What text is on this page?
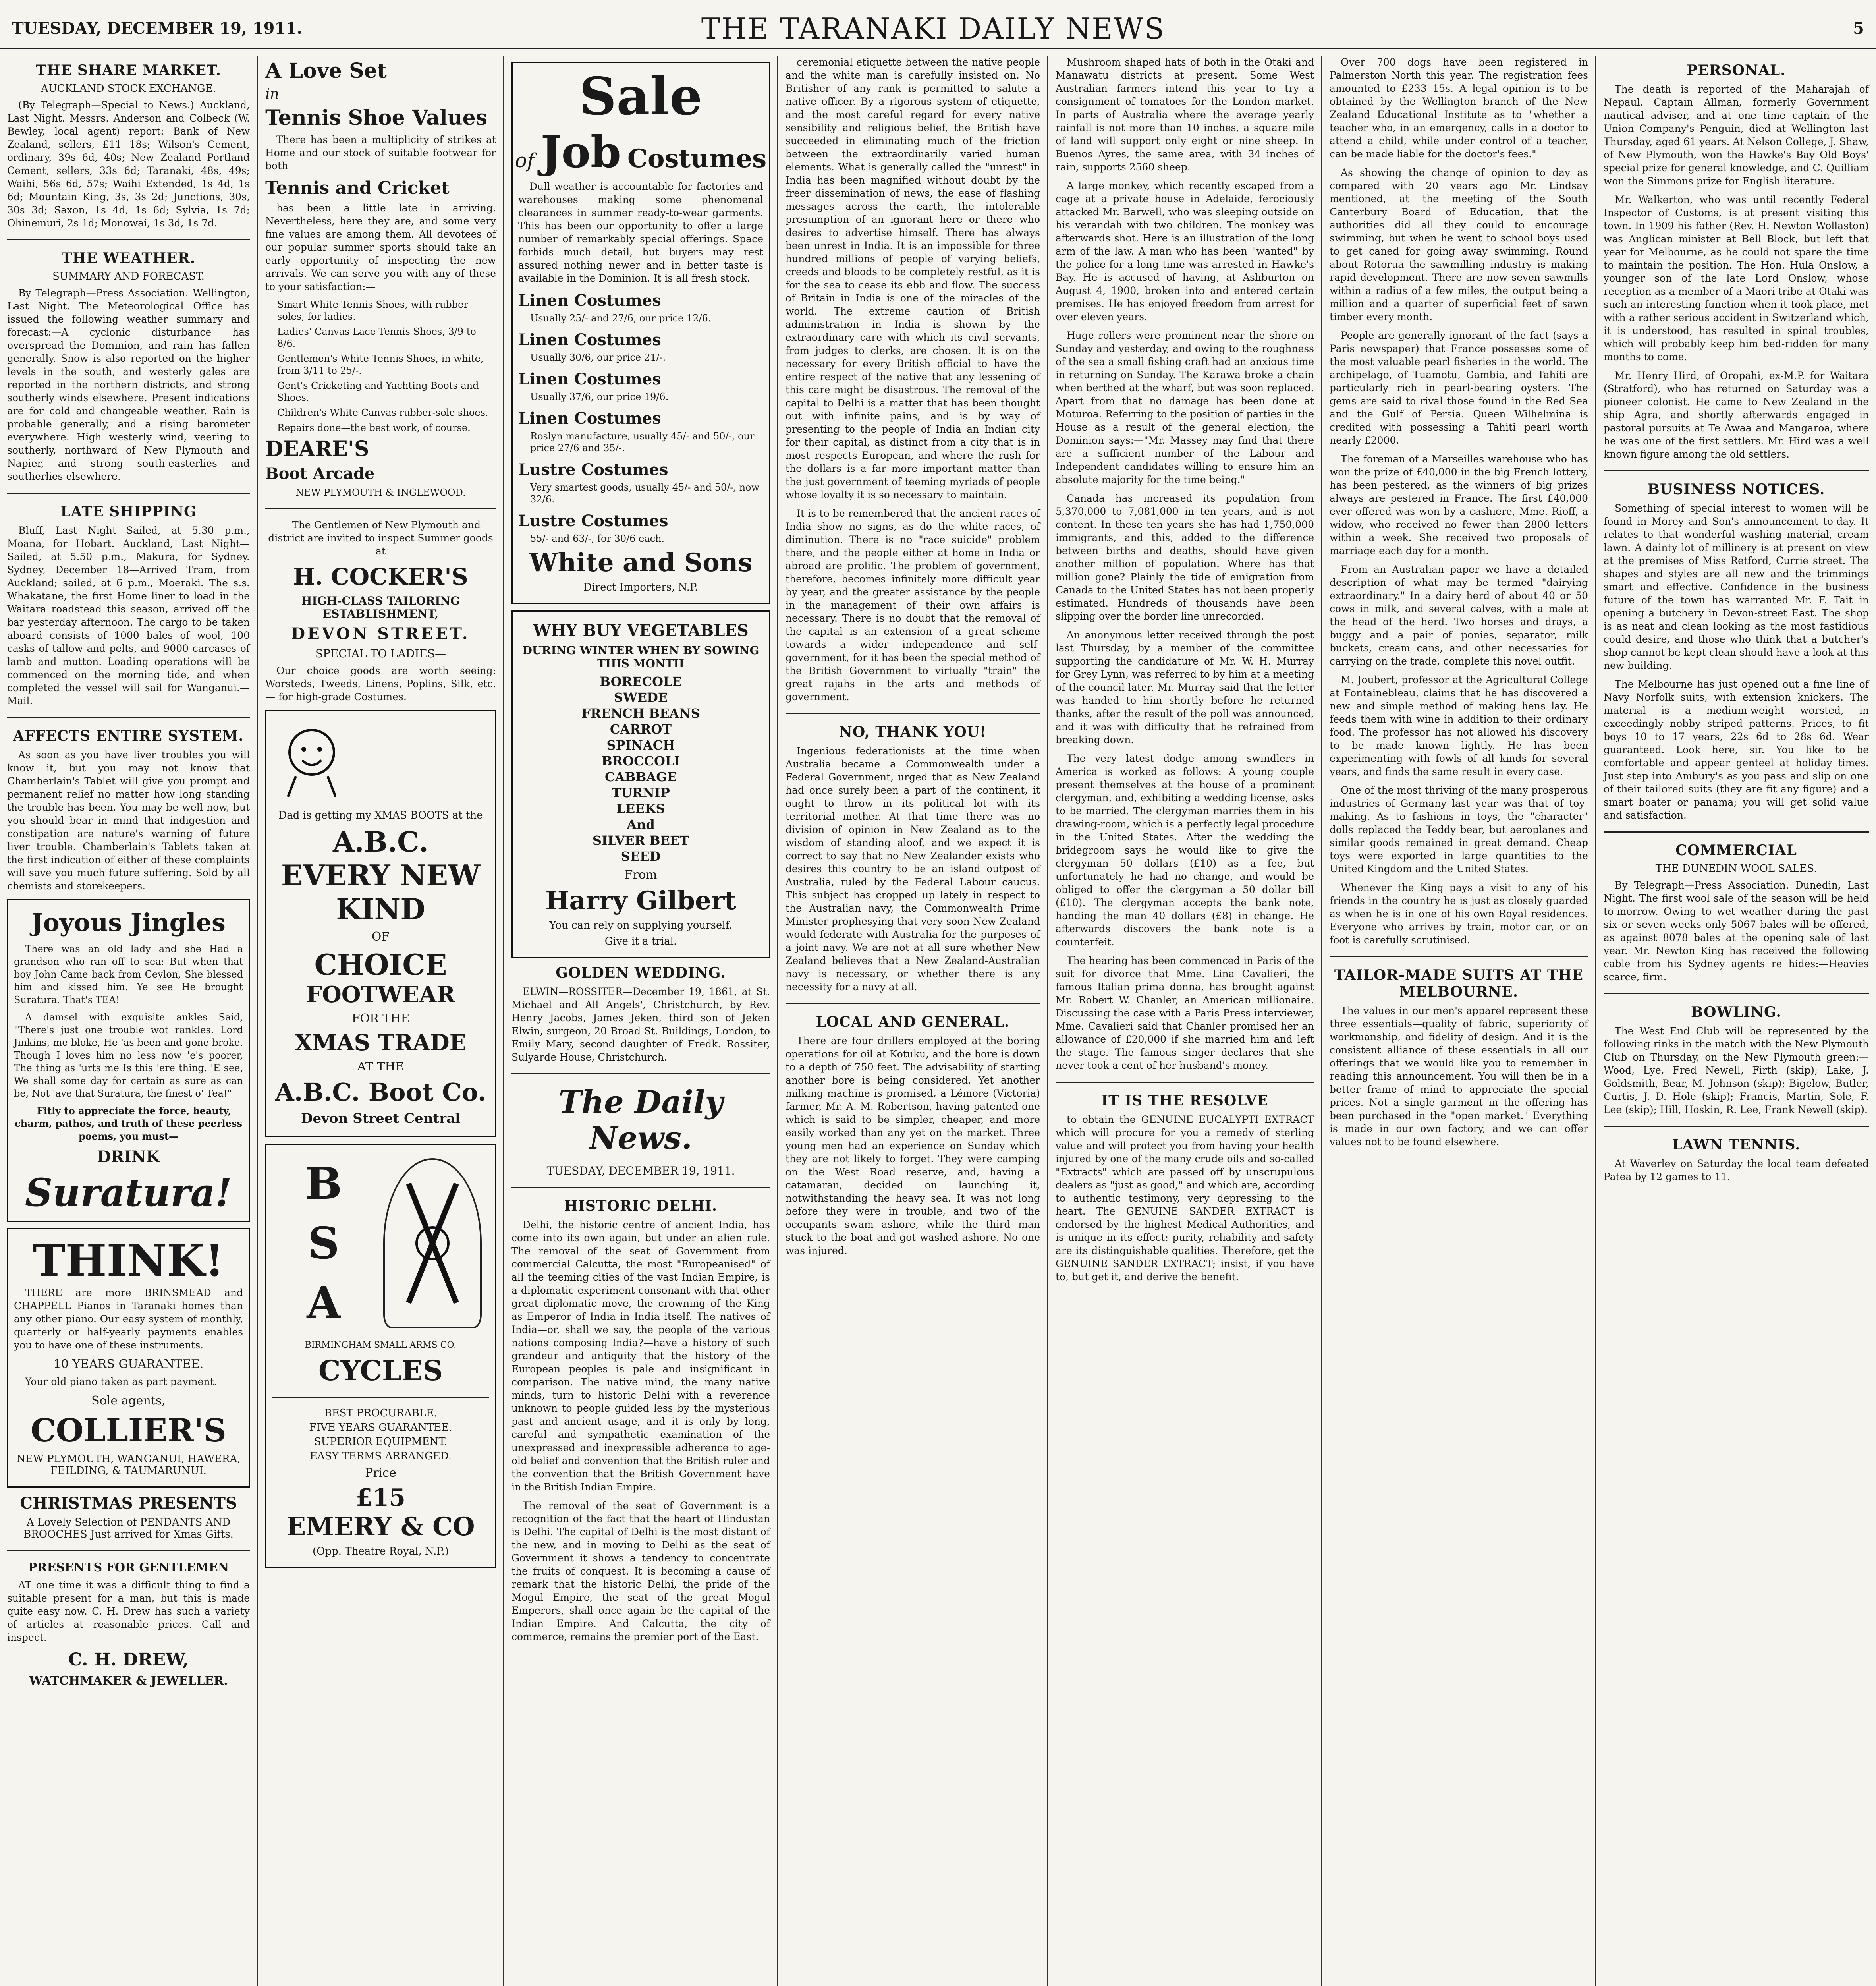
TUESDAY, DECEMBER 19, 1911.	THE TARANAKI DAILY NEWS	5
THE SHARE MARKET.
AUCKLAND STOCK EXCHANGE.

(By Telegraph—Special to News.) Auckland, Last Night. Messrs. Anderson and Colbeck (W. Bewley, local agent) report: Bank of New Zealand, sellers, £11 18s; Wilson's Cement, ordinary, 39s 6d, 40s; New Zealand Portland Cement, sellers, 33s 6d; Taranaki, 48s, 49s; Waihi, 56s 6d, 57s; Waihi Extended, 1s 4d, 1s 6d; Mountain King, 3s, 3s 2d; Junctions, 30s, 30s 3d; Saxon, 1s 4d, 1s 6d; Sylvia, 1s 7d; Ohinemuri, 2s 1d; Monowai, 1s 3d, 1s 7d.

THE WEATHER.
SUMMARY AND FORECAST.

By Telegraph—Press Association. Wellington, Last Night. The Meteorological Office has issued the following weather summary and forecast:—A cyclonic disturbance has overspread the Dominion, and rain has fallen generally. Snow is also reported on the higher levels in the south, and westerly gales are reported in the northern districts, and strong southerly winds elsewhere. Present indications are for cold and changeable weather. Rain is probable generally, and a rising barometer everywhere. High westerly wind, veering to southerly, northward of New Plymouth and Napier, and strong south-easterlies and southerlies elsewhere.

LATE SHIPPING

Bluff, Last Night—Sailed, at 5.30 p.m., Moana, for Hobart. Auckland, Last Night—Sailed, at 5.50 p.m., Makura, for Sydney. Sydney, December 18—Arrived Tram, from Auckland; sailed, at 6 p.m., Moeraki. The s.s. Whakatane, the first Home liner to load in the Waitara roadstead this season, arrived off the bar yesterday afternoon. The cargo to be taken aboard consists of 1000 bales of wool, 100 casks of tallow and pelts, and 9000 carcases of lamb and mutton. Loading operations will be commenced on the morning tide, and when completed the vessel will sail for Wanganui.—Mail.

AFFECTS ENTIRE SYSTEM.

As soon as you have liver troubles you will know it, but you may not know that Chamberlain's Tablet will give you prompt and permanent relief no matter how long standing the trouble has been. You may be well now, but you should bear in mind that indigestion and constipation are nature's warning of future liver trouble. Chamberlain's Tablets taken at the first indication of either of these complaints will save you much future suffering. Sold by all chemists and storekeepers.

Joyous Jingles

There was an old lady and she Had a grandson who ran off to sea: But when that boy John Came back from Ceylon, She blessed him and kissed him. Ye see He brought Suratura. That's TEA!

A damsel with exquisite ankles Said, "There's just one trouble wot rankles. Lord Jinkins, me bloke, He 'as been and gone broke. Though I loves him no less now 'e's poorer, The thing as 'urts me Is this 'ere thing. 'E see, We shall some day for certain as sure as can be, Not 'ave that Suratura, the finest o' Tea!"

Fitly to appreciate the force, beauty, charm, pathos, and truth of these peerless poems, you must—

DRINK
Suratura!
THINK!

THERE are more BRINSMEAD and CHAPPELL Pianos in Taranaki homes than any other piano. Our easy system of monthly, quarterly or half-yearly payments enables you to have one of these instruments.

10 YEARS GUARANTEE.

Your old piano taken as part payment.

Sole agents,
COLLIER'S
NEW PLYMOUTH, WANGANUI, HAWERA, FEILDING, & TAUMARUNUI.
CHRISTMAS PRESENTS
A Lovely Selection of PENDANTS AND BROOCHES Just arrived for Xmas Gifts.
PRESENTS FOR GENTLEMEN

AT one time it was a difficult thing to find a suitable present for a man, but this is made quite easy now. C. H. Drew has such a variety of articles at reasonable prices. Call and inspect.

C. H. DREW,
WATCHMAKER & JEWELLER.
A Love Set
in
Tennis Shoe Values

There has been a multiplicity of strikes at Home and our stock of suitable footwear for both

Tennis and Cricket

has been a little late in arriving. Nevertheless, here they are, and some very fine values are among them. All devotees of our popular summer sports should take an early opportunity of inspecting the new arrivals. We can serve you with any of these to your satisfaction:—

Smart White Tennis Shoes, with rubber soles, for ladies.
Ladies' Canvas Lace Tennis Shoes, 3/9 to 8/6.
Gentlemen's White Tennis Shoes, in white, from 3/11 to 25/-.
Gent's Cricketing and Yachting Boots and Shoes.
Children's White Canvas rubber-sole shoes.
Repairs done—the best work, of course.
DEARE'S
Boot Arcade
NEW PLYMOUTH & INGLEWOOD.

The Gentlemen of New Plymouth and district are invited to inspect Summer goods at

H. COCKER'S
HIGH-CLASS TAILORING ESTABLISHMENT,
DEVON STREET.
SPECIAL TO LADIES—

Our choice goods are worth seeing: Worsteds, Tweeds, Linens, Poplins, Silk, etc. — for high-grade Costumes.

Dad is getting my XMAS BOOTS at the
A.B.C.
EVERY NEW
KIND
OF
CHOICE
FOOTWEAR
FOR THE
XMAS TRADE
AT THE
A.B.C. Boot Co.
Devon Street Central
B
S
A
BIRMINGHAM SMALL ARMS CO.
CYCLES
BEST PROCURABLE.
FIVE YEARS GUARANTEE.
SUPERIOR EQUIPMENT.
EASY TERMS ARRANGED.
Price
£15
EMERY & CO
(Opp. Theatre Royal, N.P.)
Sale
of Job Costumes

Dull weather is accountable for factories and warehouses making some phenomenal clearances in summer ready-to-wear garments. This has been our opportunity to offer a large number of remarkably special offerings. Space forbids much detail, but buyers may rest assured nothing newer and in better taste is available in the Dominion. It is all fresh stock.

Linen Costumes
Usually 25/- and 27/6, our price 12/6.
Linen Costumes
Usually 30/6, our price 21/-.
Linen Costumes
Usually 37/6, our price 19/6.
Linen Costumes
Roslyn manufacture, usually 45/- and 50/-, our price 27/6 and 35/-.
Lustre Costumes
Very smartest goods, usually 45/- and 50/-, now 32/6.
Lustre Costumes
55/- and 63/-, for 30/6 each.
White and Sons
Direct Importers, N.P.
WHY BUY VEGETABLES
DURING WINTER WHEN BY SOWING THIS MONTH
BORECOLE
SWEDE
FRENCH BEANS
CARROT
SPINACH
BROCCOLI
CABBAGE
TURNIP
LEEKS
And
SILVER BEET
SEED
From
Harry Gilbert
You can rely on supplying yourself.
Give it a trial.
GOLDEN WEDDING.

ELWIN—ROSSITER—December 19, 1861, at St. Michael and All Angels', Christchurch, by Rev. Henry Jacobs, James Jeken, third son of Jeken Elwin, surgeon, 20 Broad St. Buildings, London, to Emily Mary, second daughter of Fredk. Rossiter, Sulyarde House, Christchurch.

The Daily News.
TUESDAY, DECEMBER 19, 1911.
HISTORIC DELHI.

Delhi, the historic centre of ancient India, has come into its own again, but under an alien rule. The removal of the seat of Government from commercial Calcutta, the most "Europeanised" of all the teeming cities of the vast Indian Empire, is a diplomatic experiment consonant with that other great diplomatic move, the crowning of the King as Emperor of India in India itself. The natives of India—or, shall we say, the people of the various nations composing India?—have a history of such grandeur and antiquity that the history of the European peoples is pale and insignificant in comparison. The native mind, the many native minds, turn to historic Delhi with a reverence unknown to people guided less by the mysterious past and ancient usage, and it is only by long, careful and sympathetic examination of the unexpressed and inexpressible adherence to age-old belief and convention that the British ruler and the convention that the British Government have in the British Indian Empire.

The removal of the seat of Government is a recognition of the fact that the heart of Hindustan is Delhi. The capital of Delhi is the most distant of the new, and in moving to Delhi as the seat of Government it shows a tendency to concentrate the fruits of conquest. It is becoming a cause of remark that the historic Delhi, the pride of the Mogul Empire, the seat of the great Mogul Emperors, shall once again be the capital of the Indian Empire. And Calcutta, the city of commerce, remains the premier port of the East.

ceremonial etiquette between the native people and the white man is carefully insisted on. No Britisher of any rank is permitted to salute a native officer. By a rigorous system of etiquette, and the most careful regard for every native sensibility and religious belief, the British have succeeded in eliminating much of the friction between the extraordinarily varied human elements. What is generally called the "unrest" in India has been magnified without doubt by the freer dissemination of news, the ease of flashing messages across the earth, the intolerable presumption of an ignorant here or there who desires to advertise himself. There has always been unrest in India. It is an impossible for three hundred millions of people of varying beliefs, creeds and bloods to be completely restful, as it is for the sea to cease its ebb and flow. The success of Britain in India is one of the miracles of the world. The extreme caution of British administration in India is shown by the extraordinary care with which its civil servants, from judges to clerks, are chosen. It is on the necessary for every British official to have the entire respect of the native that any lessening of this care might be disastrous. The removal of the capital to Delhi is a matter that has been thought out with infinite pains, and is by way of presenting to the people of India an Indian city for their capital, as distinct from a city that is in most respects European, and where the rush for the dollars is a far more important matter than the just government of teeming myriads of people whose loyalty it is so necessary to maintain.

It is to be remembered that the ancient races of India show no signs, as do the white races, of diminution. There is no "race suicide" problem there, and the people either at home in India or abroad are prolific. The problem of government, therefore, becomes infinitely more difficult year by year, and the greater assistance by the people in the management of their own affairs is necessary. There is no doubt that the removal of the capital is an extension of a great scheme towards a wider independence and self-government, for it has been the special method of the British Government to virtually "train" the great rajahs in the arts and methods of government.

NO, THANK YOU!

Ingenious federationists at the time when Australia became a Commonwealth under a Federal Government, urged that as New Zealand had once surely been a part of the continent, it ought to throw in its political lot with its territorial mother. At that time there was no division of opinion in New Zealand as to the wisdom of standing aloof, and we expect it is correct to say that no New Zealander exists who desires this country to be an island outpost of Australia, ruled by the Federal Labour caucus. This subject has cropped up lately in respect to the Australian navy, the Commonwealth Prime Minister prophesying that very soon New Zealand would federate with Australia for the purposes of a joint navy. We are not at all sure whether New Zealand believes that a New Zealand-Australian navy is necessary, or whether there is any necessity for a navy at all.

LOCAL AND GENERAL.

There are four drillers employed at the boring operations for oil at Kotuku, and the bore is down to a depth of 750 feet. The advisability of starting another bore is being considered. Yet another milking machine is promised, a Lémore (Victoria) farmer, Mr. A. M. Robertson, having patented one which is said to be simpler, cheaper, and more easily worked than any yet on the market. Three young men had an experience on Sunday which they are not likely to forget. They were camping on the West Road reserve, and, having a catamaran, decided on launching it, notwithstanding the heavy sea. It was not long before they were in trouble, and two of the occupants swam ashore, while the third man stuck to the boat and got washed ashore. No one was injured.

Mushroom shaped hats of both in the Otaki and Manawatu districts at present. Some West Australian farmers intend this year to try a consignment of tomatoes for the London market. In parts of Australia where the average yearly rainfall is not more than 10 inches, a square mile of land will support only eight or nine sheep. In Buenos Ayres, the same area, with 34 inches of rain, supports 2560 sheep.

A large monkey, which recently escaped from a cage at a private house in Adelaide, ferociously attacked Mr. Barwell, who was sleeping outside on his verandah with two children. The monkey was afterwards shot. Here is an illustration of the long arm of the law. A man who has been "wanted" by the police for a long time was arrested in Hawke's Bay. He is accused of having, at Ashburton on August 4, 1900, broken into and entered certain premises. He has enjoyed freedom from arrest for over eleven years.

Huge rollers were prominent near the shore on Sunday and yesterday, and owing to the roughness of the sea a small fishing craft had an anxious time in returning on Sunday. The Karawa broke a chain when berthed at the wharf, but was soon replaced. Apart from that no damage has been done at Moturoa. Referring to the position of parties in the House as a result of the general election, the Dominion says:—"Mr. Massey may find that there are a sufficient number of the Labour and Independent candidates willing to ensure him an absolute majority for the time being."

Canada has increased its population from 5,370,000 to 7,081,000 in ten years, and is not content. In these ten years she has had 1,750,000 immigrants, and this, added to the difference between births and deaths, should have given another million of population. Where has that million gone? Plainly the tide of emigration from Canada to the United States has not been properly estimated. Hundreds of thousands have been slipping over the border line unrecorded.

An anonymous letter received through the post last Thursday, by a member of the committee supporting the candidature of Mr. W. H. Murray for Grey Lynn, was referred to by him at a meeting of the council later. Mr. Murray said that the letter was handed to him shortly before he returned thanks, after the result of the poll was announced, and it was with difficulty that he refrained from breaking down.

The very latest dodge among swindlers in America is worked as follows: A young couple present themselves at the house of a prominent clergyman, and, exhibiting a wedding license, asks to be married. The clergyman marries them in his drawing-room, which is a perfectly legal procedure in the United States. After the wedding the bridegroom says he would like to give the clergyman 50 dollars (£10) as a fee, but unfortunately he had no change, and would be obliged to offer the clergyman a 50 dollar bill (£10). The clergyman accepts the bank note, handing the man 40 dollars (£8) in change. He afterwards discovers the bank note is a counterfeit.

The hearing has been commenced in Paris of the suit for divorce that Mme. Lina Cavalieri, the famous Italian prima donna, has brought against Mr. Robert W. Chanler, an American millionaire. Discussing the case with a Paris Press interviewer, Mme. Cavalieri said that Chanler promised her an allowance of £20,000 if she married him and left the stage. The famous singer declares that she never took a cent of her husband's money.

IT IS THE RESOLVE

to obtain the GENUINE EUCALYPTI EXTRACT which will procure for you a remedy of sterling value and will protect you from having your health injured by one of the many crude oils and so-called "Extracts" which are passed off by unscrupulous dealers as "just as good," and which are, according to authentic testimony, very depressing to the heart. The GENUINE SANDER EXTRACT is endorsed by the highest Medical Authorities, and is unique in its effect: purity, reliability and safety are its distinguishable qualities. Therefore, get the GENUINE SANDER EXTRACT; insist, if you have to, but get it, and derive the benefit.

Over 700 dogs have been registered in Palmerston North this year. The registration fees amounted to £233 15s. A legal opinion is to be obtained by the Wellington branch of the New Zealand Educational Institute as to "whether a teacher who, in an emergency, calls in a doctor to attend a child, while under control of a teacher, can be made liable for the doctor's fees."

As showing the change of opinion to day as compared with 20 years ago Mr. Lindsay mentioned, at the meeting of the South Canterbury Board of Education, that the authorities did all they could to encourage swimming, but when he went to school boys used to get caned for going away swimming. Round about Rotorua the sawmilling industry is making rapid development. There are now seven sawmills within a radius of a few miles, the output being a million and a quarter of superficial feet of sawn timber every month.

People are generally ignorant of the fact (says a Paris newspaper) that France possesses some of the most valuable pearl fisheries in the world. The archipelago, of Tuamotu, Gambia, and Tahiti are particularly rich in pearl-bearing oysters. The gems are said to rival those found in the Red Sea and the Gulf of Persia. Queen Wilhelmina is credited with possessing a Tahiti pearl worth nearly £2000.

The foreman of a Marseilles warehouse who has won the prize of £40,000 in the big French lottery, has been pestered, as the winners of big prizes always are pestered in France. The first £40,000 ever offered was won by a cashiere, Mme. Rioff, a widow, who received no fewer than 2800 letters within a week. She received two proposals of marriage each day for a month.

From an Australian paper we have a detailed description of what may be termed "dairying extraordinary." In a dairy herd of about 40 or 50 cows in milk, and several calves, with a male at the head of the herd. Two horses and drays, a buggy and a pair of ponies, separator, milk buckets, cream cans, and other necessaries for carrying on the trade, complete this novel outfit.

M. Joubert, professor at the Agricultural College at Fontainebleau, claims that he has discovered a new and simple method of making hens lay. He feeds them with wine in addition to their ordinary food. The professor has not allowed his discovery to be made known lightly. He has been experimenting with fowls of all kinds for several years, and finds the same result in every case.

One of the most thriving of the many prosperous industries of Germany last year was that of toy-making. As to fashions in toys, the "character" dolls replaced the Teddy bear, but aeroplanes and similar goods remained in great demand. Cheap toys were exported in large quantities to the United Kingdom and the United States.

Whenever the King pays a visit to any of his friends in the country he is just as closely guarded as when he is in one of his own Royal residences. Everyone who arrives by train, motor car, or on foot is carefully scrutinised.

TAILOR-MADE SUITS AT THE MELBOURNE.

The values in our men's apparel represent these three essentials—quality of fabric, superiority of workmanship, and fidelity of design. And it is the consistent alliance of these essentials in all our offerings that we would like you to remember in reading this announcement. You will then be in a better frame of mind to appreciate the special prices. Not a single garment in the offering has been purchased in the "open market." Everything is made in our own factory, and we can offer values not to be found elsewhere.

PERSONAL.

The death is reported of the Maharajah of Nepaul. Captain Allman, formerly Government nautical adviser, and at one time captain of the Union Company's Penguin, died at Wellington last Thursday, aged 61 years. At Nelson College, J. Shaw, of New Plymouth, won the Hawke's Bay Old Boys' special prize for general knowledge, and C. Quilliam won the Simmons prize for English literature.

Mr. Walkerton, who was until recently Federal Inspector of Customs, is at present visiting this town. In 1909 his father (Rev. H. Newton Wollaston) was Anglican minister at Bell Block, but left that year for Melbourne, as he could not spare the time to maintain the position. The Hon. Hula Onslow, a younger son of the late Lord Onslow, whose reception as a member of a Maori tribe at Otaki was such an interesting function when it took place, met with a rather serious accident in Switzerland which, it is understood, has resulted in spinal troubles, which will probably keep him bed-ridden for many months to come.

Mr. Henry Hird, of Oropahi, ex-M.P. for Waitara (Stratford), who has returned on Saturday was a pioneer colonist. He came to New Zealand in the ship Agra, and shortly afterwards engaged in pastoral pursuits at Te Awaa and Mangaroa, where he was one of the first settlers. Mr. Hird was a well known figure among the old settlers.

BUSINESS NOTICES.

Something of special interest to women will be found in Morey and Son's announcement to-day. It relates to that wonderful washing material, cream lawn. A dainty lot of millinery is at present on view at the premises of Miss Retford, Currie street. The shapes and styles are all new and the trimmings smart and effective. Confidence in the business future of the town has warranted Mr. F. Tait in opening a butchery in Devon-street East. The shop is as neat and clean looking as the most fastidious could desire, and those who think that a butcher's shop cannot be kept clean should have a look at this new building.

The Melbourne has just opened out a fine line of Navy Norfolk suits, with extension knickers. The material is a medium-weight worsted, in exceedingly nobby striped patterns. Prices, to fit boys 10 to 17 years, 22s 6d to 28s 6d. Wear guaranteed. Look here, sir. You like to be comfortable and appear genteel at holiday times. Just step into Ambury's as you pass and slip on one of their tailored suits (they are fit any figure) and a smart boater or panama; you will get solid value and satisfaction.

COMMERCIAL
THE DUNEDIN WOOL SALES.

By Telegraph—Press Association. Dunedin, Last Night. The first wool sale of the season will be held to-morrow. Owing to wet weather during the past six or seven weeks only 5067 bales will be offered, as against 8078 bales at the opening sale of last year. Mr. Newton King has received the following cable from his Sydney agents re hides:—Heavies scarce, firm.

BOWLING.

The West End Club will be represented by the following rinks in the match with the New Plymouth Club on Thursday, on the New Plymouth green:—Wood, Lye, Fred Newell, Firth (skip); Lake, J. Goldsmith, Bear, M. Johnson (skip); Bigelow, Butler, Curtis, J. D. Hole (skip); Francis, Martin, Sole, F. Lee (skip); Hill, Hoskin, R. Lee, Frank Newell (skip).

LAWN TENNIS.

At Waverley on Saturday the local team defeated Patea by 12 games to 11.
